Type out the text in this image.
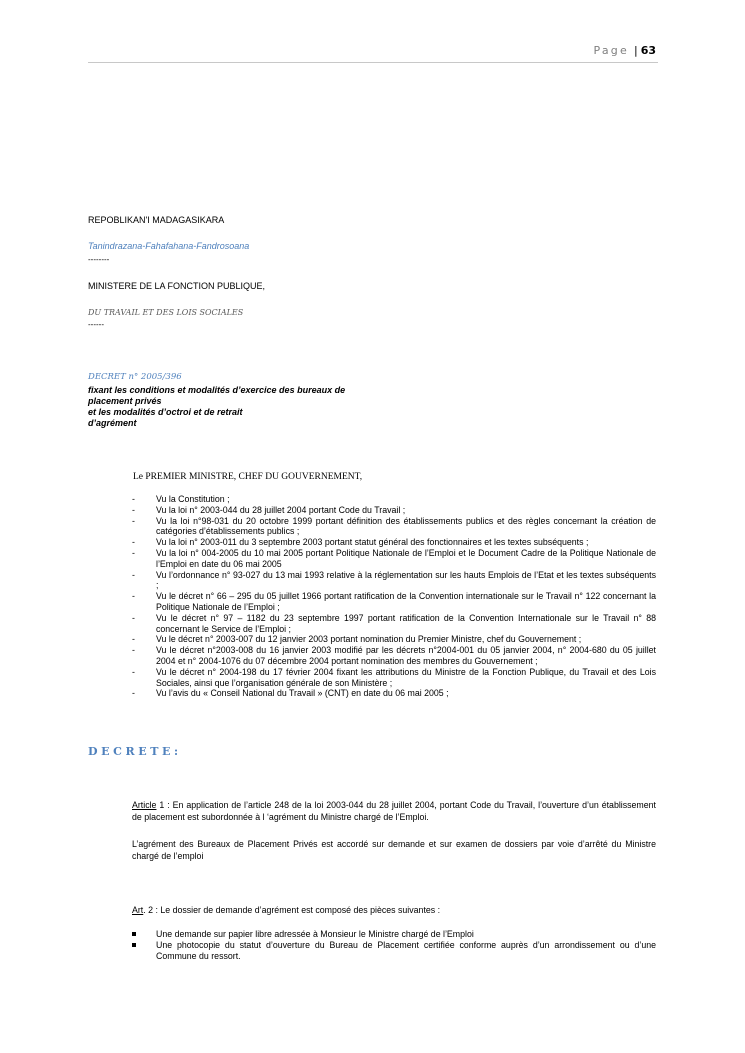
Page | 63
REPOBLIKAN'I MADAGASIKARA
Tanindrazana-Fahafahana-Fandrosoana
--------
MINISTERE DE LA FONCTION PUBLIQUE,
DU TRAVAIL ET DES LOIS SOCIALES
------
DECRET n° 2005/396
fixant les conditions et modalités d’exercice des bureaux de placement privés
et les modalités d’octroi et de retrait
d’agrément
Le PREMIER MINISTRE, CHEF DU GOUVERNEMENT,
- Vu la Constitution ;
- Vu la loi n° 2003-044 du 28 juillet 2004 portant Code du Travail ;
- Vu la loi n°98-031 du 20 octobre 1999 portant définition des établissements publics et des règles concernant la création de catégories d’établissements publics ;
- Vu la loi n° 2003-011 du 3 septembre 2003 portant statut général des fonctionnaires et les textes subséquents ;
- Vu la loi n° 004-2005 du 10 mai 2005 portant Politique Nationale de l’Emploi et le Document Cadre de la Politique Nationale de l’Emploi en date du 06 mai 2005
- Vu l’ordonnance n° 93-027 du 13 mai 1993 relative à la réglementation sur les hauts Emplois de l’Etat et les textes subséquents ;
- Vu le décret n° 66 – 295 du 05 juillet 1966 portant ratification de la Convention internationale sur le Travail n° 122 concernant la Politique Nationale de l’Emploi ;
- Vu le décret n° 97 – 1182 du 23 septembre 1997 portant ratification de la Convention Internationale sur le Travail n° 88 concernant le Service de l’Emploi ;
- Vu le décret n° 2003-007 du 12 janvier 2003 portant nomination du Premier Ministre, chef du Gouvernement ;
- Vu le décret n°2003-008 du 16 janvier 2003 modifié par les décrets n°2004-001 du 05 janvier 2004, n° 2004-680 du 05 juillet 2004 et n° 2004-1076 du 07 décembre 2004 portant nomination des membres du Gouvernement ;
- Vu le décret n° 2004-198 du 17 février 2004 fixant les attributions du Ministre de la Fonction Publique, du Travail et des Lois Sociales, ainsi que l’organisation générale de son Ministère ;
- Vu l’avis du « Conseil National du Travail » (CNT) en date du 06 mai 2005 ;
DECRETE:
Article 1 : En application de l’article 248 de la loi 2003-044 du 28 juillet 2004, portant Code du Travail, l’ouverture d’un établissement de placement est subordonnée à l ‘agrément du Ministre chargé de l’Emploi.
L’agrément des Bureaux de Placement Privés est accordé sur demande et sur examen de dossiers par voie d’arrêté du Ministre chargé de l’emploi
Art. 2 : Le dossier de demande d’agrément est composé des pièces suivantes :
Une demande sur papier libre adressée à Monsieur le Ministre chargé de l’Emploi
Une photocopie du statut d’ouverture du Bureau de Placement certifiée conforme auprès d’un arrondissement ou d’une Commune du ressort.
